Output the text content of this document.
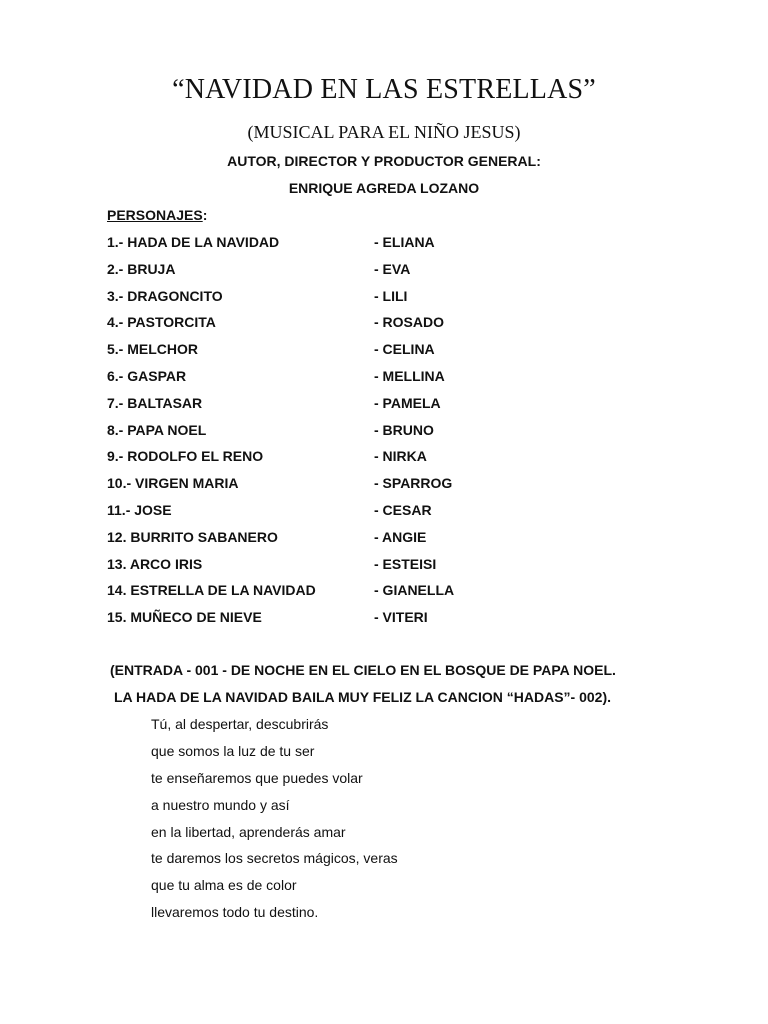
“NAVIDAD EN LAS ESTRELLAS”
(MUSICAL PARA EL NIÑO JESUS)
AUTOR, DIRECTOR Y PRODUCTOR GENERAL:
ENRIQUE AGREDA LOZANO
PERSONAJES:
1.- HADA DE LA NAVIDAD	- ELIANA
2.- BRUJA	- EVA
3.- DRAGONCITO	- LILI
4.- PASTORCITA	- ROSADO
5.- MELCHOR	- CELINA
6.- GASPAR	- MELLINA
7.- BALTASAR	- PAMELA
8.- PAPA NOEL	- BRUNO
9.- RODOLFO EL RENO	- NIRKA
10.- VIRGEN MARIA	- SPARROG
11.- JOSE	- CESAR
12. BURRITO SABANERO	- ANGIE
13. ARCO IRIS	- ESTEISI
14. ESTRELLA DE LA NAVIDAD	- GIANELLA
15. MUÑECO DE NIEVE	- VITERI
(ENTRADA - 001 - DE NOCHE EN EL CIELO EN EL BOSQUE DE PAPA NOEL.
LA HADA DE LA NAVIDAD BAILA MUY FELIZ LA CANCION “HADAS”- 002).
Tú, al despertar, descubrirás
que somos la luz de tu ser
te enseñaremos que puedes volar
a nuestro mundo y así
en la libertad, aprenderás amar
te daremos los secretos mágicos, veras
que tu alma es de color
llevaremos todo tu destino.
